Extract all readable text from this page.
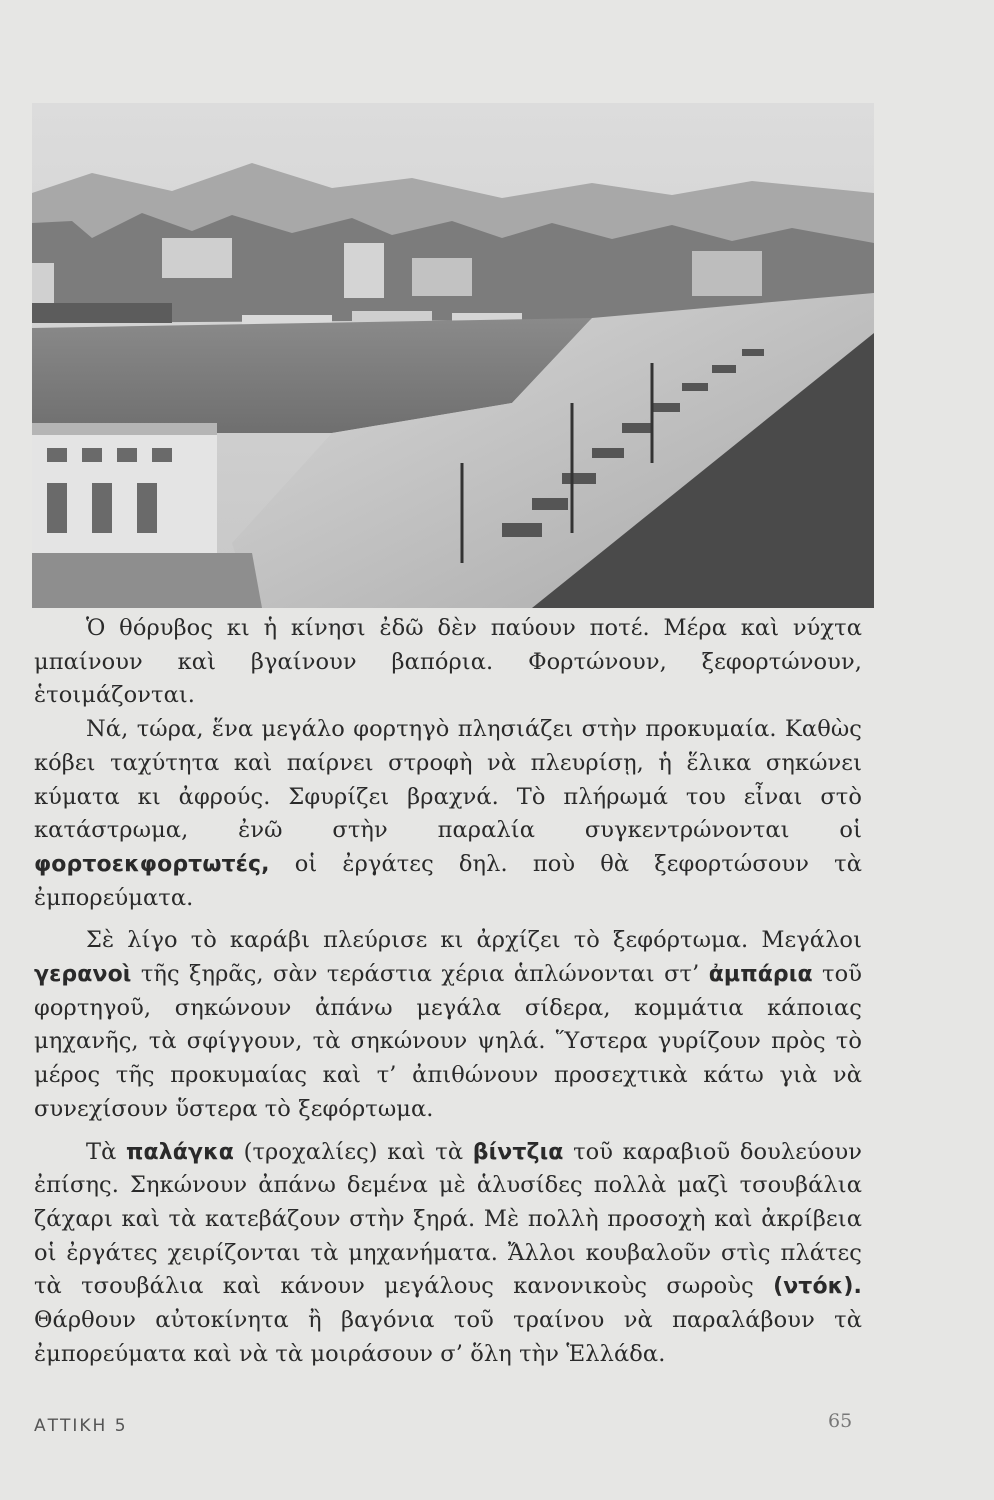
Ὁ θόρυβος κι ἡ κίνησι ἐδῶ δὲν παύουν ποτέ. Μέρα καὶ νύχτα μπαίνουν καὶ βγαίνουν βαπόρια. Φορτώνουν, ξεφορτώνουν, ἑτοιμάζονται.

Νά, τώρα, ἕνα μεγάλο φορτηγὸ πλησιάζει στὴν προκυμαία. Καθὼς κόβει ταχύτητα καὶ παίρνει στροφὴ νὰ πλευρίσῃ, ἡ ἕλικα σηκώνει κύματα κι ἀφρούς. Σφυρίζει βραχνά. Τὸ πλήρωμά του εἶναι στὸ κατάστρωμα, ἐνῶ στὴν παραλία συγκεντρώνονται οἱ φορτοεκφορτωτές, οἱ ἐργάτες δηλ. ποὺ θὰ ξεφορτώσουν τὰ ἐμπορεύματα.

Σὲ λίγο τὸ καράβι πλεύρισε κι ἀρχίζει τὸ ξεφόρτωμα. Μεγάλοι γερανοὶ τῆς ξηρᾶς, σὰν τεράστια χέρια ἁπλώνονται στ’ ἀμπάρια τοῦ φορτηγοῦ, σηκώνουν ἀπάνω μεγάλα σίδερα, κομμάτια κάποιας μηχανῆς, τὰ σφίγγουν, τὰ σηκώνουν ψηλά. Ὕστερα γυρίζουν πρὸς τὸ μέρος τῆς προκυμαίας καὶ τ’ ἀπιθώνουν προσεχτικὰ κάτω γιὰ νὰ συνεχίσουν ὕστερα τὸ ξεφόρτωμα.

Τὰ παλάγκα (τροχαλίες) καὶ τὰ βίντζια τοῦ καραβιοῦ δουλεύουν ἐπίσης. Σηκώνουν ἀπάνω δεμένα μὲ ἁλυσίδες πολλὰ μαζὶ τσουβάλια ζάχαρι καὶ τὰ κατεβάζουν στὴν ξηρά. Μὲ πολλὴ προσοχὴ καὶ ἀκρίβεια οἱ ἐργάτες χειρίζονται τὰ μηχανήματα. Ἄλλοι κουβαλοῦν στὶς πλάτες τὰ τσουβάλια καὶ κάνουν μεγάλους κανονικοὺς σωροὺς (ντόκ). Θάρθουν αὐτοκίνητα ἢ βαγόνια τοῦ τραίνου νὰ παραλάβουν τὰ ἐμπορεύματα καὶ νὰ τὰ μοιράσουν σ’ ὅλη τὴν Ἑλλάδα.

ΑΤΤΙΚΗ 5	65
